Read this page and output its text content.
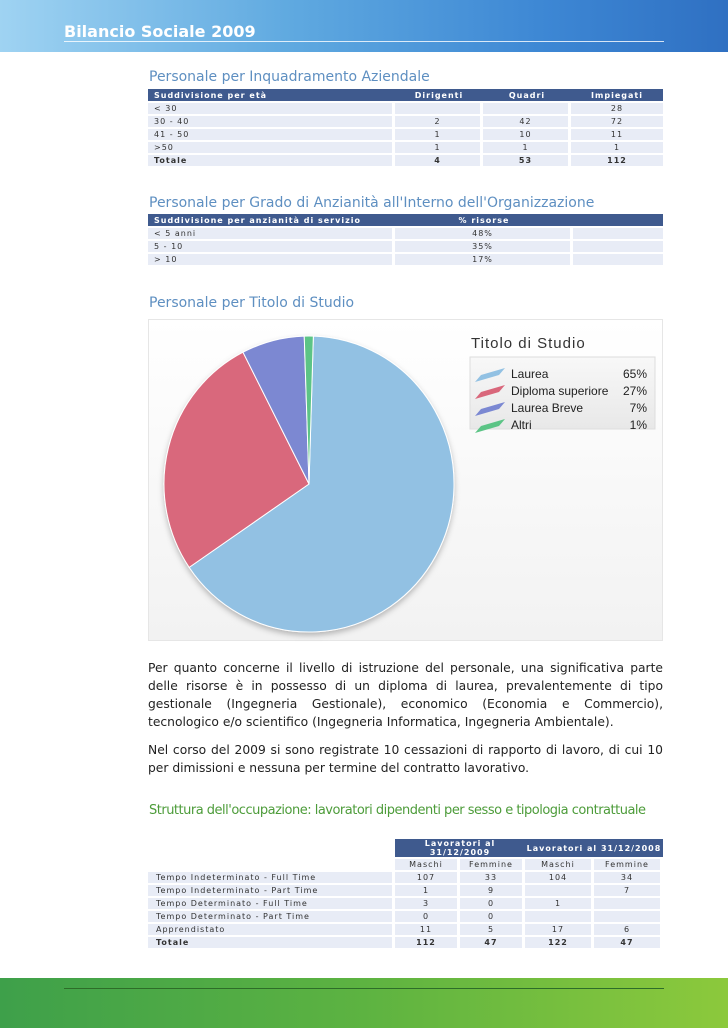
Bilancio Sociale 2009
Personale per Inquadramento Aziendale
Suddivisione per età	Dirigenti	Quadri	Impiegati
< 30			28
30 - 40	2	42	72
41 - 50	1	10	11
>50	1	1	1
Totale	4	53	112
Personale per Grado di Anzianità all'Interno dell'Organizzazione
Suddivisione per anzianità di servizio	% risorse	
< 5 anni	48%	
5 - 10	35%	
> 10	17%	
Personale per Titolo di Studio
Titolo di Studio
Laurea	65%
Diploma superiore 27%
Laurea Breve	7%
Altri	1%
Per quanto concerne il livello di istruzione del personale, una significativa parte delle risorse è in possesso di un diploma di laurea, prevalentemente di tipo gestionale (Ingegneria Gestionale), economico (Economia e Commercio), tecnologico e/o scientifico (Ingegneria Informatica, Ingegneria Ambientale).
Nel corso del 2009 si sono registrate 10 cessazioni di rapporto di lavoro, di cui 10 per dimissioni e nessuna per termine del contratto lavorativo.
Struttura dell'occupazione: lavoratori dipendenti per sesso e tipologia contrattuale
	Lavoratori al 31/12/2009		Lavoratori al 31/12/2008	
	Maschi	Femmine	Maschi	Femmine
Tempo Indeterminato - Full Time	107	33	104	34
Tempo Indeterminato - Part Time	1	9		7
Tempo Determinato - Full Time	3	0	1	
Tempo Determinato - Part Time	0	0		
Apprendistato	11	5	17	6
Totale	112	47	122	47
